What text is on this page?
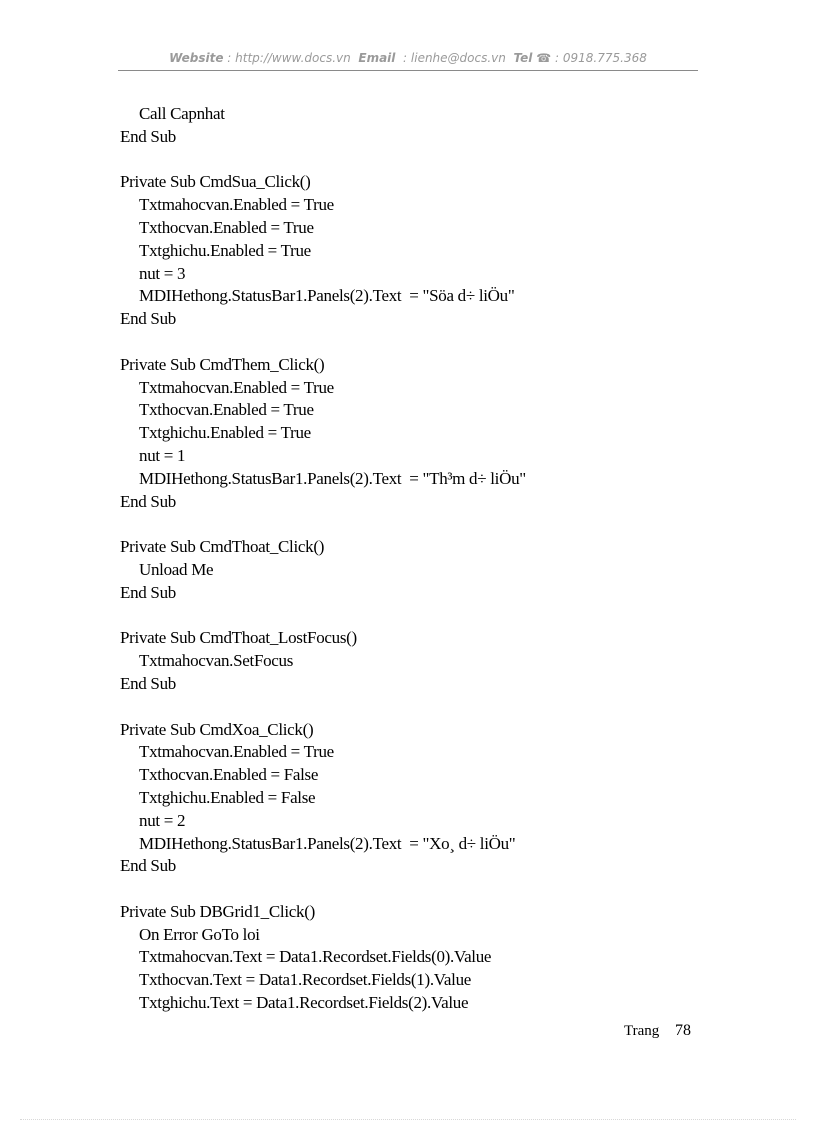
Website : http://www.docs.vn Email : lienhe@docs.vn Tel ☎ : 0918.775.368
Call Capnhat
End Sub
Private Sub CmdSua_Click()
Txtmahocvan.Enabled = True
Txthocvan.Enabled = True
Txtghichu.Enabled = True
nut = 3
MDIHethong.StatusBar1.Panels(2).Text  = "Söa d÷ liÖu"
End Sub
Private Sub CmdThem_Click()
Txtmahocvan.Enabled = True
Txthocvan.Enabled = True
Txtghichu.Enabled = True
nut = 1
MDIHethong.StatusBar1.Panels(2).Text  = "Th³m d÷ liÖu"
End Sub
Private Sub CmdThoat_Click()
Unload Me
End Sub
Private Sub CmdThoat_LostFocus()
Txtmahocvan.SetFocus
End Sub
Private Sub CmdXoa_Click()
Txtmahocvan.Enabled = True
Txthocvan.Enabled = False
Txtghichu.Enabled = False
nut = 2
MDIHethong.StatusBar1.Panels(2).Text  = "Xo¸ d÷ liÖu"
End Sub
Private Sub DBGrid1_Click()
On Error GoTo loi
Txtmahocvan.Text = Data1.Recordset.Fields(0).Value
Txthocvan.Text = Data1.Recordset.Fields(1).Value
Txtghichu.Text = Data1.Recordset.Fields(2).Value
Trang 78
